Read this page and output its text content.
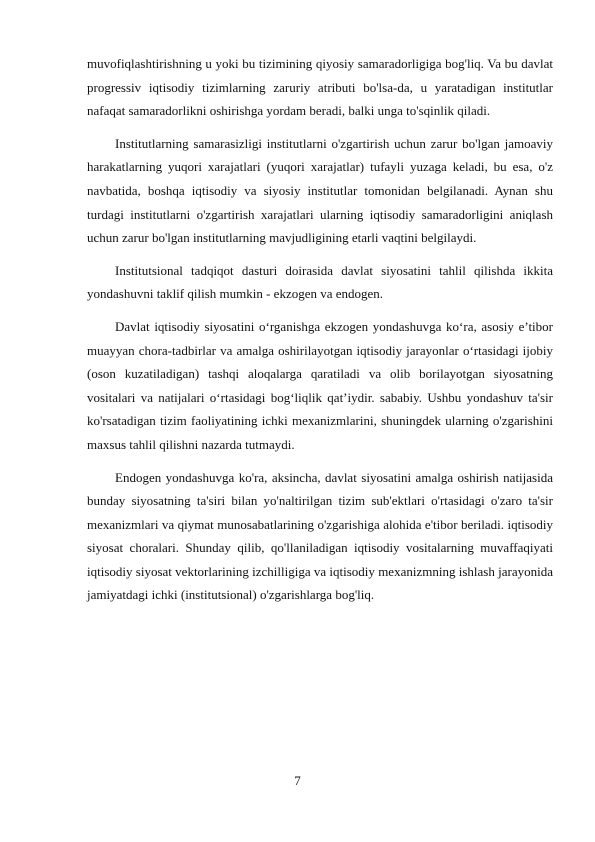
muvofiqlashtirishning u yoki bu tizimining qiyosiy samaradorligiga bog'liq. Va bu davlat progressiv iqtisodiy tizimlarning zaruriy atributi bo'lsa-da, u yaratadigan institutlar nafaqat samaradorlikni oshirishga yordam beradi, balki unga to'sqinlik qiladi.

Institutlarning samarasizligi institutlarni o'zgartirish uchun zarur bo'lgan jamoaviy harakatlarning yuqori xarajatlari (yuqori xarajatlar) tufayli yuzaga keladi, bu esa, o'z navbatida, boshqa iqtisodiy va siyosiy institutlar tomonidan belgilanadi. Aynan shu turdagi institutlarni o'zgartirish xarajatlari ularning iqtisodiy samaradorligini aniqlash uchun zarur bo'lgan institutlarning mavjudligining etarli vaqtini belgilaydi.

Institutsional tadqiqot dasturi doirasida davlat siyosatini tahlil qilishda ikkita yondashuvni taklif qilish mumkin - ekzogen va endogen.

Davlat iqtisodiy siyosatini o‘rganishga ekzogen yondashuvga ko‘ra, asosiy e’tibor muayyan chora-tadbirlar va amalga oshirilayotgan iqtisodiy jarayonlar o‘rtasidagi ijobiy (oson kuzatiladigan) tashqi aloqalarga qaratiladi va olib borilayotgan siyosatning vositalari va natijalari o‘rtasidagi bog‘liqlik qat’iydir. sababiy. Ushbu yondashuv ta'sir ko'rsatadigan tizim faoliyatining ichki mexanizmlarini, shuningdek ularning o'zgarishini maxsus tahlil qilishni nazarda tutmaydi.

Endogen yondashuvga ko'ra, aksincha, davlat siyosatini amalga oshirish natijasida bunday siyosatning ta'siri bilan yo'naltirilgan tizim sub'ektlari o'rtasidagi o'zaro ta'sir mexanizmlari va qiymat munosabatlarining o'zgarishiga alohida e'tibor beriladi. iqtisodiy siyosat choralari. Shunday qilib, qo'llaniladigan iqtisodiy vositalarning muvaffaqiyati iqtisodiy siyosat vektorlarining izchilligiga va iqtisodiy mexanizmning ishlash jarayonida jamiyatdagi ichki (institutsional) o'zgarishlarga bog'liq.

7
